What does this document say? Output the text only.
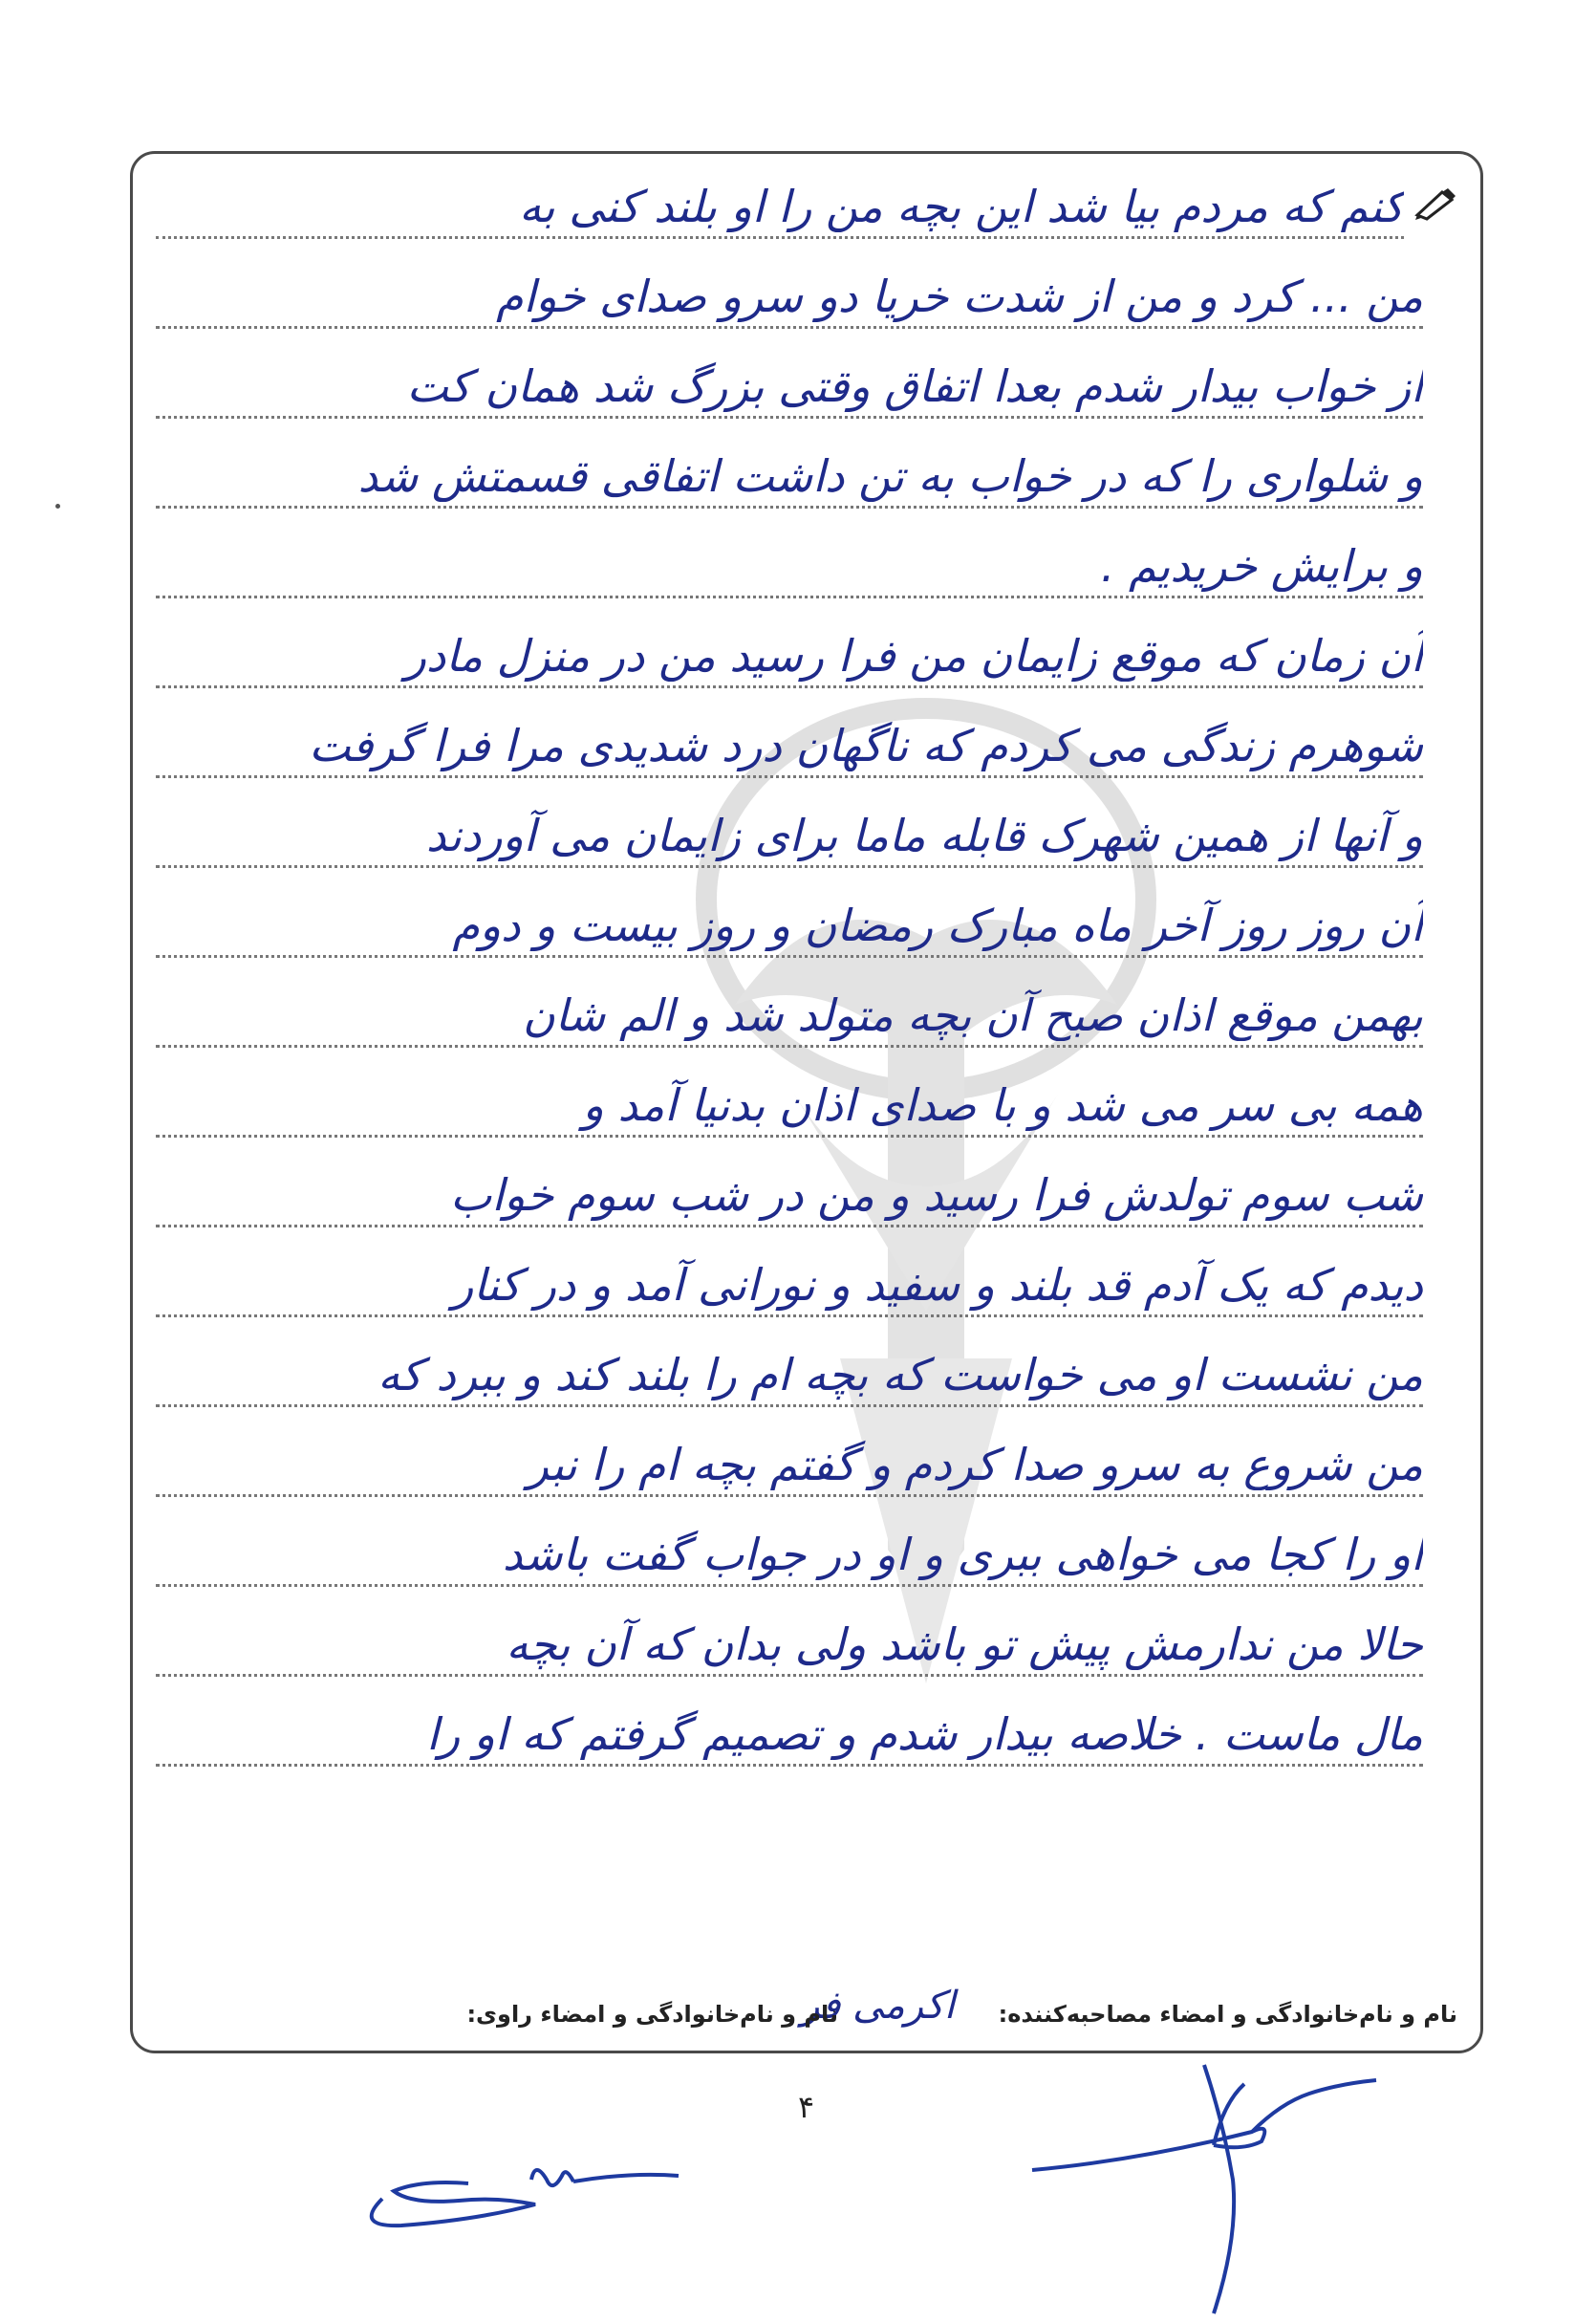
کنم که مردم بیا شد این بچه من را او بلند کنی به
من ... کرد و من از شدت خریا دو سرو صدای خوام
از خواب بیدار شدم بعدا اتفاق وقتی بزرگ شد همان کت
و شلواری را که در خواب به تن داشت اتفاقی قسمتش شد
و برایش خریدیم .
آن زمان که موقع زایمان من فرا رسید من در منزل مادر
شوهرم زندگی می کردم که ناگهان درد شدیدی مرا فرا گرفت
و آنها از همین شهرک قابله ماما برای زایمان می آوردند
آن روز روز آخر ماه مبارک رمضان و روز بیست و دوم
بهمن موقع اذان صبح آن بچه متولد شد و الم شان
همه بی سر می شد و با صدای اذان بدنیا آمد و
شب سوم تولدش فرا رسید و من در شب سوم خواب
دیدم که یک آدم قد بلند و سفید و نورانی آمد و در کنار
من نشست او می خواست که بچه ام را بلند کند و ببرد که
من شروع به سرو صدا کردم و گفتم بچه ام را نبر
او را کجا می خواهی ببری و او در جواب گفت باشد
حالا من ندارمش پیش تو باشد ولی بدان که آن بچه
مال ماست . خلاصه بیدار شدم و تصمیم گرفتم که او را
نام و نام‌خانوادگی و امضاء مصاحبه‌کننده:
اکرمی فر
نام و نام‌خانوادگی و امضاء راوی:
۴
